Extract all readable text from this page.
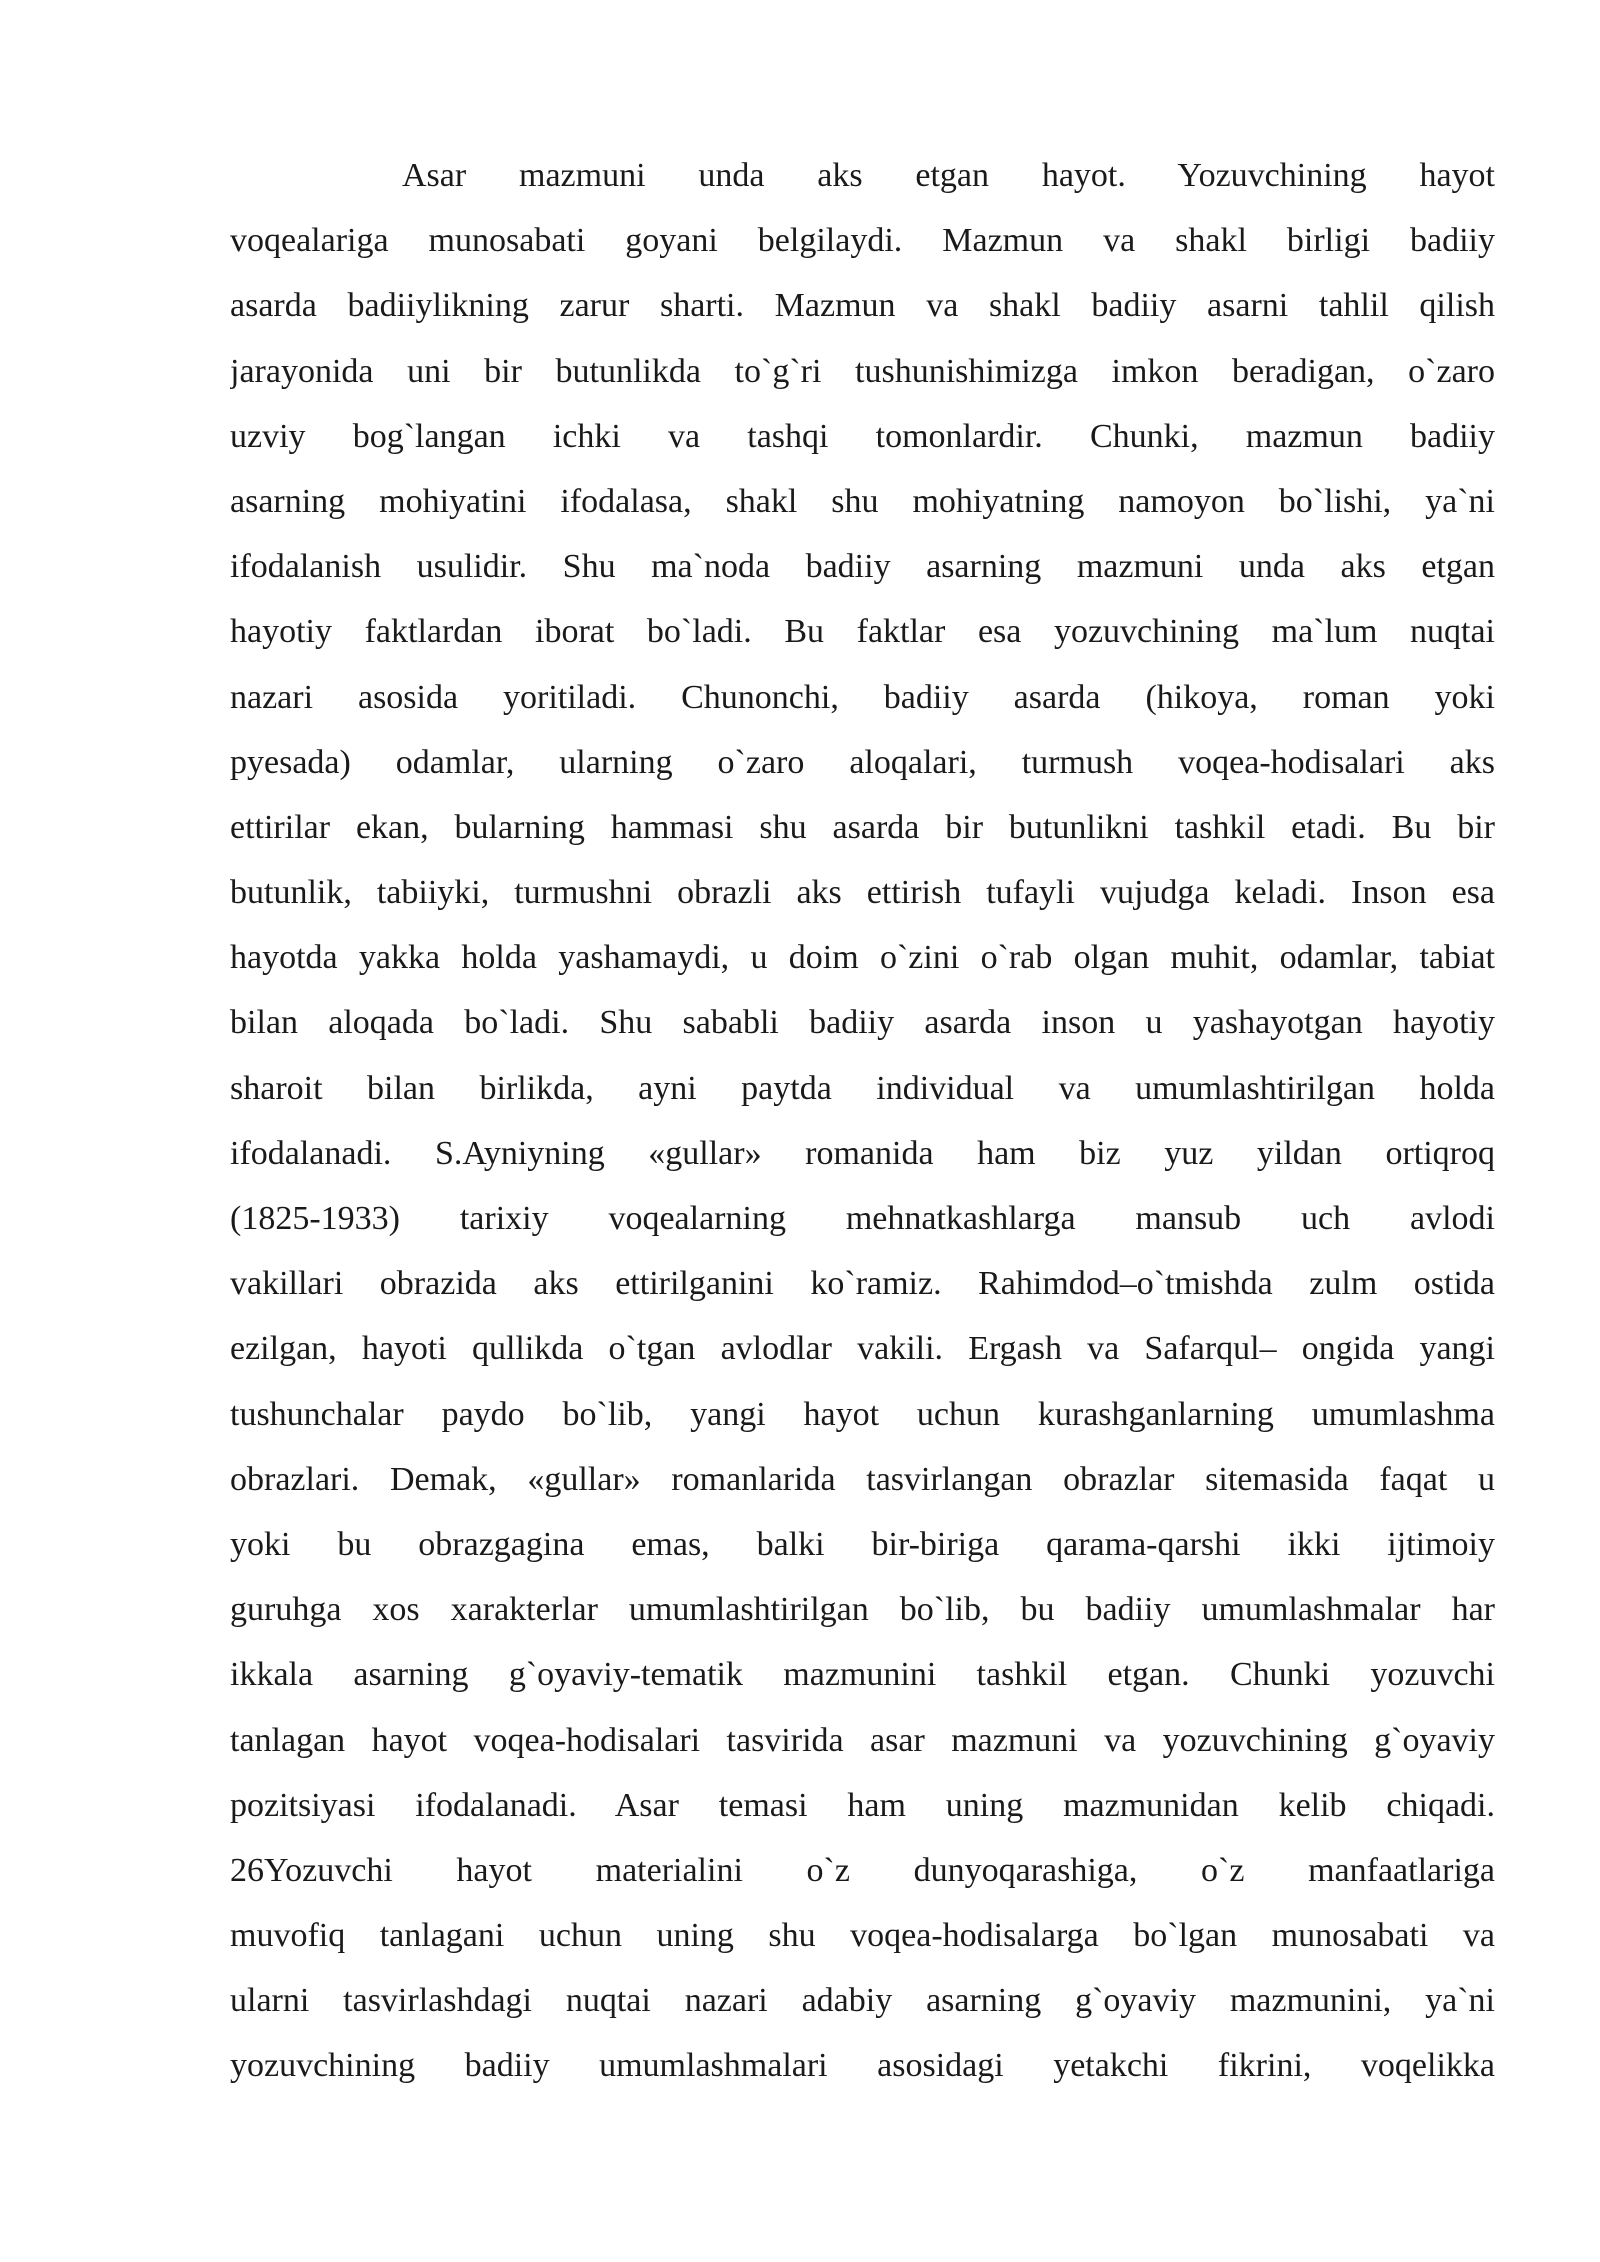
Asar mazmuni unda aks etgan hayot. Yozuvchining hayot
voqealariga munosabati goyani belgilaydi. Mazmun va shakl birligi badiiy
asarda badiiylikning zarur sharti. Mazmun va shakl badiiy asarni tahlil qilish
jarayonida uni bir butunlikda to`g`ri tushunishimizga imkon beradigan, o`zaro
uzviy bog`langan ichki va tashqi tomonlardir. Chunki, mazmun badiiy
asarning mohiyatini ifodalasa, shakl shu mohiyatning namoyon bo`lishi, ya`ni
ifodalanish usulidir. Shu ma`noda badiiy asarning mazmuni unda aks etgan
hayotiy faktlardan iborat bo`ladi. Bu faktlar esa yozuvchining ma`lum nuqtai
nazari asosida yoritiladi. Chunonchi, badiiy asarda (hikoya, roman yoki
pyesada) odamlar, ularning o`zaro aloqalari, turmush voqea-hodisalari aks
ettirilar ekan, bularning hammasi shu asarda bir butunlikni tashkil etadi. Bu bir
butunlik, tabiiyki, turmushni obrazli aks ettirish tufayli vujudga keladi. Inson esa
hayotda yakka holda yashamaydi, u doim o`zini o`rab olgan muhit, odamlar, tabiat
bilan aloqada bo`ladi. Shu sababli badiiy asarda inson u yashayotgan hayotiy
sharoit bilan birlikda, ayni paytda individual va umumlashtirilgan holda
ifodalanadi. S.Ayniyning «gullar» romanida ham biz yuz yildan ortiqroq
(1825-1933) tarixiy voqealarning mehnatkashlarga mansub uch avlodi
vakillari obrazida aks ettirilganini ko`ramiz. Rahimdod–o`tmishda zulm ostida
ezilgan, hayoti qullikda o`tgan avlodlar vakili. Ergash va Safarqul– ongida yangi
tushunchalar paydo bo`lib, yangi hayot uchun kurashganlarning umumlashma
obrazlari. Demak, «gullar» romanlarida tasvirlangan obrazlar sitemasida faqat u
yoki bu obrazgagina emas, balki bir-biriga qarama-qarshi ikki ijtimoiy
guruhga xos xarakterlar umumlashtirilgan bo`lib, bu badiiy umumlashmalar har
ikkala asarning g`oyaviy-tematik mazmunini tashkil etgan. Chunki yozuvchi
tanlagan hayot voqea-hodisalari tasvirida asar mazmuni va yozuvchining g`oyaviy
pozitsiyasi ifodalanadi. Asar temasi ham uning mazmunidan kelib chiqadi.
26Yozuvchi hayot materialini o`z dunyoqarashiga, o`z manfaatlariga
muvofiq tanlagani uchun uning shu voqea-hodisalarga bo`lgan munosabati va
ularni tasvirlashdagi nuqtai nazari adabiy asarning g`oyaviy mazmunini, ya`ni
yozuvchining badiiy umumlashmalari asosidagi yetakchi fikrini, voqelikka
